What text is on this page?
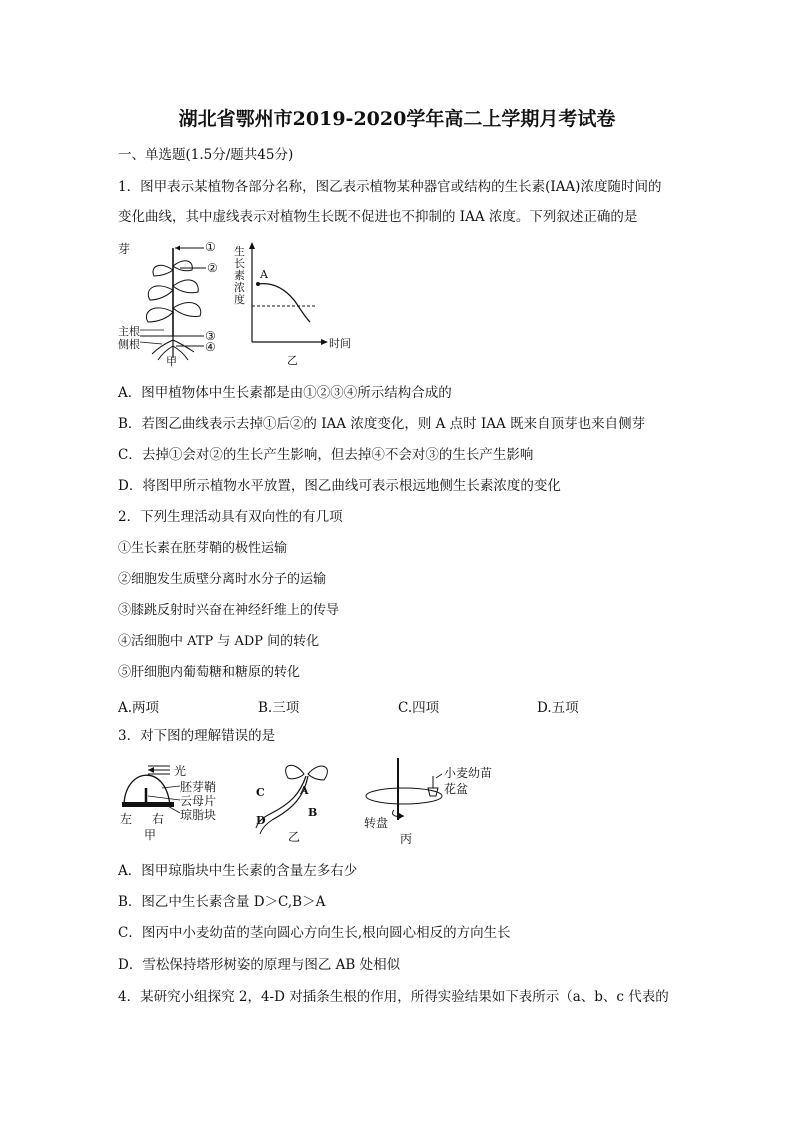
湖北省鄂州市2019-2020学年高二上学期月考试卷
一、单选题(1.5分/题共45分)
1．图甲表示某植物各部分名称，图乙表示植物某种器官或结构的生长素(IAA)浓度随时间的
变化曲线，其中虚线表示对植物生长既不促进也不抑制的 IAA 浓度。下列叙述正确的是
芽	①
②
③
④
主根
侧根
甲
生
长
素
浓
度
A
时间
乙
A．图甲植物体中生长素都是由①②③④所示结构合成的
B．若图乙曲线表示去掉①后②的 IAA 浓度变化，则 A 点时 IAA 既来自顶芽也来自侧芽
C．去掉①会对②的生长产生影响，但去掉④不会对③的生长产生影响
D．将图甲所示植物水平放置，图乙曲线可表示根远地侧生长素浓度的变化
2．下列生理活动具有双向性的有几项
①生长素在胚芽鞘的极性运输
②细胞发生质壁分离时水分子的运输
③膝跳反射时兴奋在神经纤维上的传导
④活细胞中 ATP 与 ADP 间的转化
⑤肝细胞内葡萄糖和糖原的转化
A.两项	B.三项	C.四项	D.五项
3．对下图的理解错误的是
光
胚芽鞘
云母片
琼脂块
左 右
甲
A
B
C
D
乙
小麦幼苗
花盆
转盘
丙
A．图甲琼脂块中生长素的含量左多右少
B．图乙中生长素含量 D＞C,B＞A
C．图丙中小麦幼苗的茎向圆心方向生长,根向圆心相反的方向生长
D．雪松保持塔形树姿的原理与图乙 AB 处相似
4．某研究小组探究 2，4-D 对插条生根的作用，所得实验结果如下表所示（a、b、c 代表的
